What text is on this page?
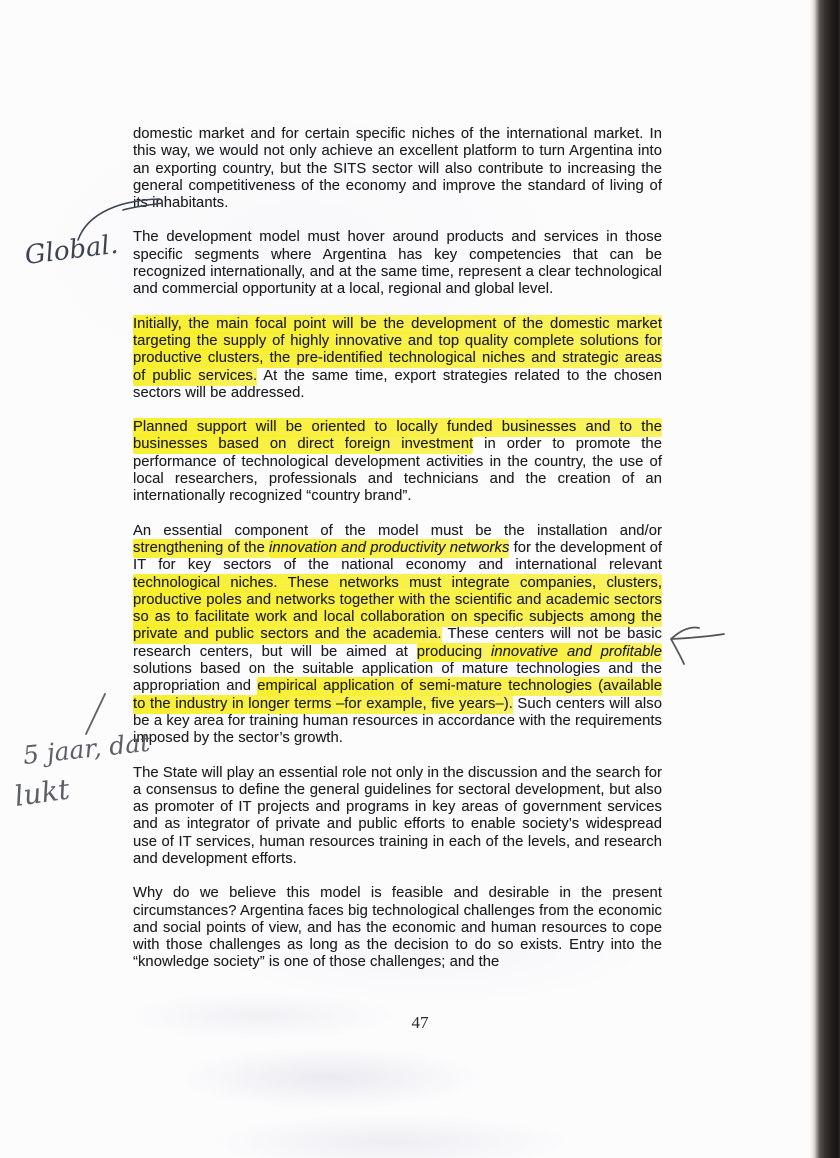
domestic market and for certain specific niches of the international market. In this way, we would not only achieve an excellent platform to turn Argentina into an exporting country, but the SITS sector will also contribute to increasing the general competitiveness of the economy and improve the standard of living of its inhabitants.

The development model must hover around products and services in those specific segments where Argentina has key competencies that can be recognized internationally, and at the same time, represent a clear technological and commercial opportunity at a local, regional and global level.

Initially, the main focal point will be the development of the domestic market targeting the supply of highly innovative and top quality complete solutions for productive clusters, the pre-identified technological niches and strategic areas of public services. At the same time, export strategies related to the chosen sectors will be addressed.

Planned support will be oriented to locally funded businesses and to the businesses based on direct foreign investment in order to promote the performance of technological development activities in the country, the use of local researchers, professionals and technicians and the creation of an internationally recognized “country brand”.

An essential component of the model must be the installation and/or strengthening of the innovation and productivity networks for the development of IT for key sectors of the national economy and international relevant technological niches. These networks must integrate companies, clusters, productive poles and networks together with the scientific and academic sectors so as to facilitate work and local collaboration on specific subjects among the private and public sectors and the academia. These centers will not be basic research centers, but will be aimed at producing innovative and profitable solutions based on the suitable application of mature technologies and the appropriation and empirical application of semi-mature technologies (available to the industry in longer terms –for example, five years–). Such centers will also be a key area for training human resources in accordance with the requirements imposed by the sector’s growth.

The State will play an essential role not only in the discussion and the search for a consensus to define the general guidelines for sectoral development, but also as promoter of IT projects and programs in key areas of government services and as integrator of private and public efforts to enable society’s widespread use of IT services, human resources training in each of the levels, and research and development efforts.

Why do we believe this model is feasible and desirable in the present circumstances? Argentina faces big technological challenges from the economic and social points of view, and has the economic and human resources to cope with those challenges as long as the decision to do so exists. Entry into the “knowledge society” is one of those challenges; and the

47
Global.
5 jaar, dat
lukt
